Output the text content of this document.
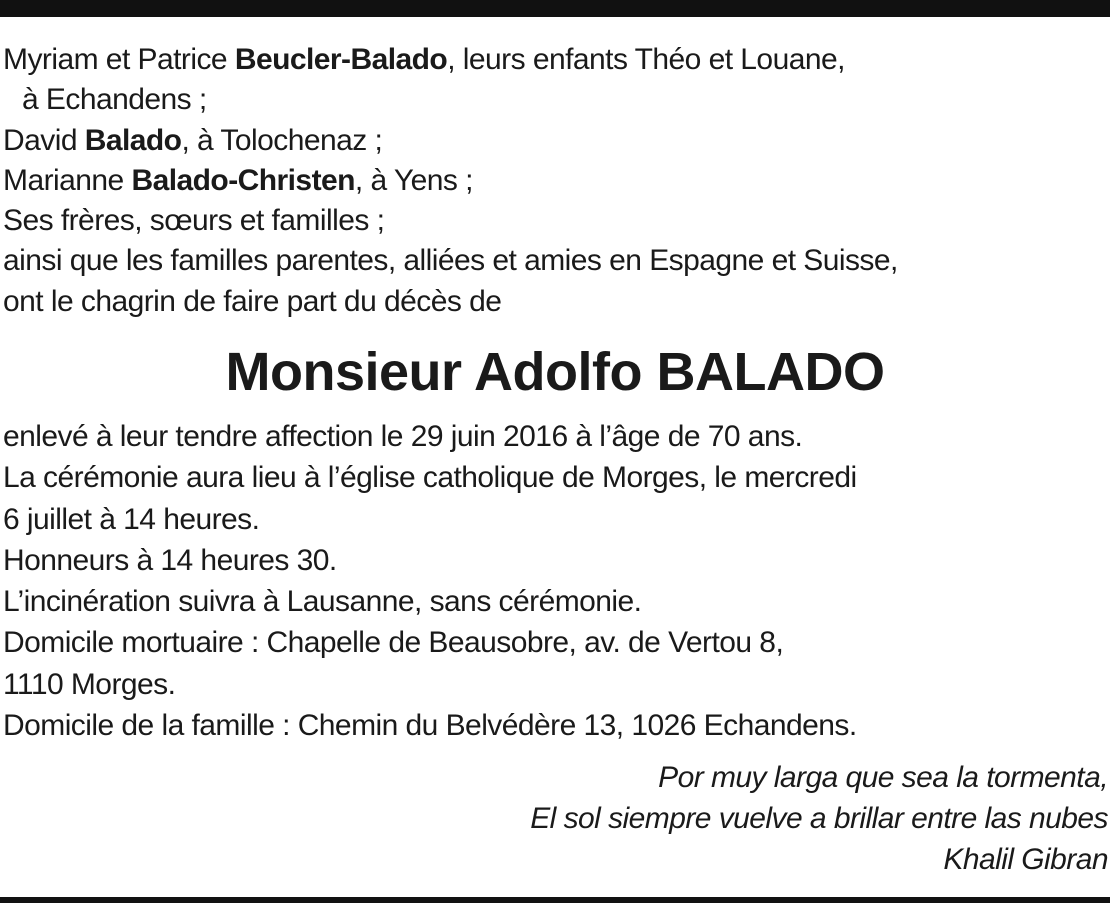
Myriam et Patrice Beucler-Balado, leurs enfants Théo et Louane,
à Echandens ;
David Balado, à Tolochenaz ;
Marianne Balado-Christen, à Yens ;
Ses frères, sœurs et familles ;
ainsi que les familles parentes, alliées et amies en Espagne et Suisse,
ont le chagrin de faire part du décès de
Monsieur Adolfo BALADO
enlevé à leur tendre affection le 29 juin 2016 à l’âge de 70 ans.
La cérémonie aura lieu à l’église catholique de Morges, le mercredi
6 juillet à 14 heures.
Honneurs à 14 heures 30.
L’incinération suivra à Lausanne, sans cérémonie.
Domicile mortuaire : Chapelle de Beausobre, av. de Vertou 8,
1110 Morges.
Domicile de la famille : Chemin du Belvédère 13, 1026 Echandens.
Por muy larga que sea la tormenta,
El sol siempre vuelve a brillar entre las nubes
Khalil Gibran
